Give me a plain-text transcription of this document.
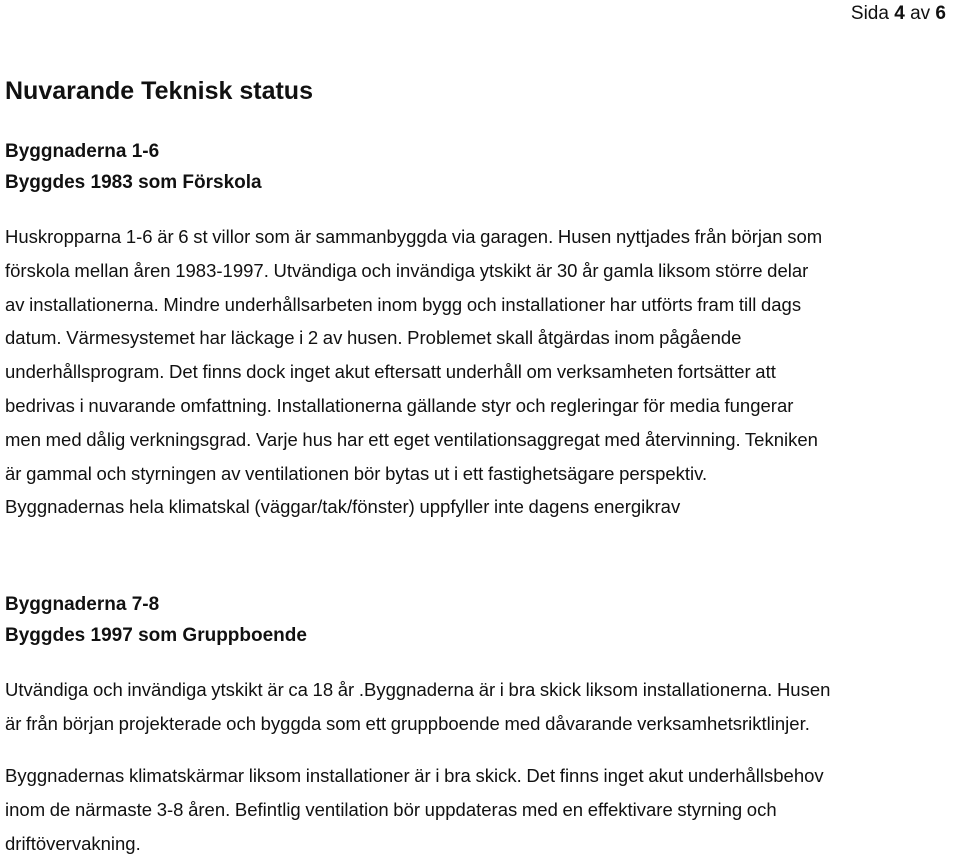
Sida 4 av 6
Nuvarande Teknisk status
Byggnaderna 1-6
Byggdes 1983 som Förskola

Huskropparna 1-6 är 6 st villor som är sammanbyggda via garagen. Husen nyttjades från början som
förskola mellan åren 1983-1997. Utvändiga och invändiga ytskikt är 30 år gamla liksom större delar
av installationerna. Mindre underhållsarbeten inom bygg och installationer har utförts fram till dags
datum. Värmesystemet har läckage i 2 av husen. Problemet skall åtgärdas inom pågående
underhållsprogram. Det finns dock inget akut eftersatt underhåll om verksamheten fortsätter att
bedrivas i nuvarande omfattning. Installationerna gällande styr och regleringar för media fungerar
men med dålig verkningsgrad. Varje hus har ett eget ventilationsaggregat med återvinning. Tekniken
är gammal och styrningen av ventilationen bör bytas ut i ett fastighetsägare perspektiv.
Byggnadernas hela klimatskal (väggar/tak/fönster) uppfyller inte dagens energikrav

Byggnaderna 7-8
Byggdes 1997 som Gruppboende

Utvändiga och invändiga ytskikt är ca 18 år .Byggnaderna är i bra skick liksom installationerna. Husen
är från början projekterade och byggda som ett gruppboende med dåvarande verksamhetsriktlinjer.

Byggnadernas klimatskärmar liksom installationer är i bra skick. Det finns inget akut underhållsbehov
inom de närmaste 3-8 åren. Befintlig ventilation bör uppdateras med en effektivare styrning och
driftövervakning.
